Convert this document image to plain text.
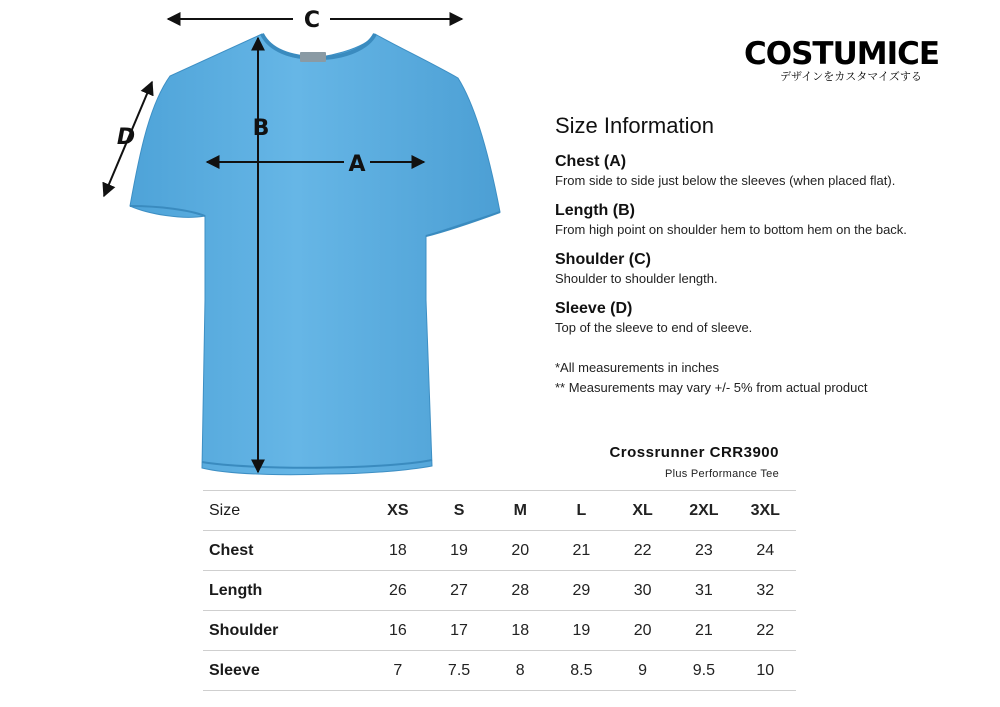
C
B
A
D
COSTUMICE
デザインをカスタマイズする
Size Information
Chest (A)
From side to side just below the sleeves (when placed flat).
Length (B)
From high point on shoulder hem to bottom hem on the back.
Shoulder (C)
Shoulder to shoulder length.
Sleeve (D)
Top of the sleeve to end of sleeve.
*All measurements in inches
** Measurements may vary +/- 5% from actual product
Crossrunner CRR3900
Plus Performance Tee
Size	XS	S	M	L	XL	2XL	3XL
Chest	18	19	20	21	22	23	24
Length	26	27	28	29	30	31	32
Shoulder	16	17	18	19	20	21	22
Sleeve	7	7.5	8	8.5	9	9.5	10
